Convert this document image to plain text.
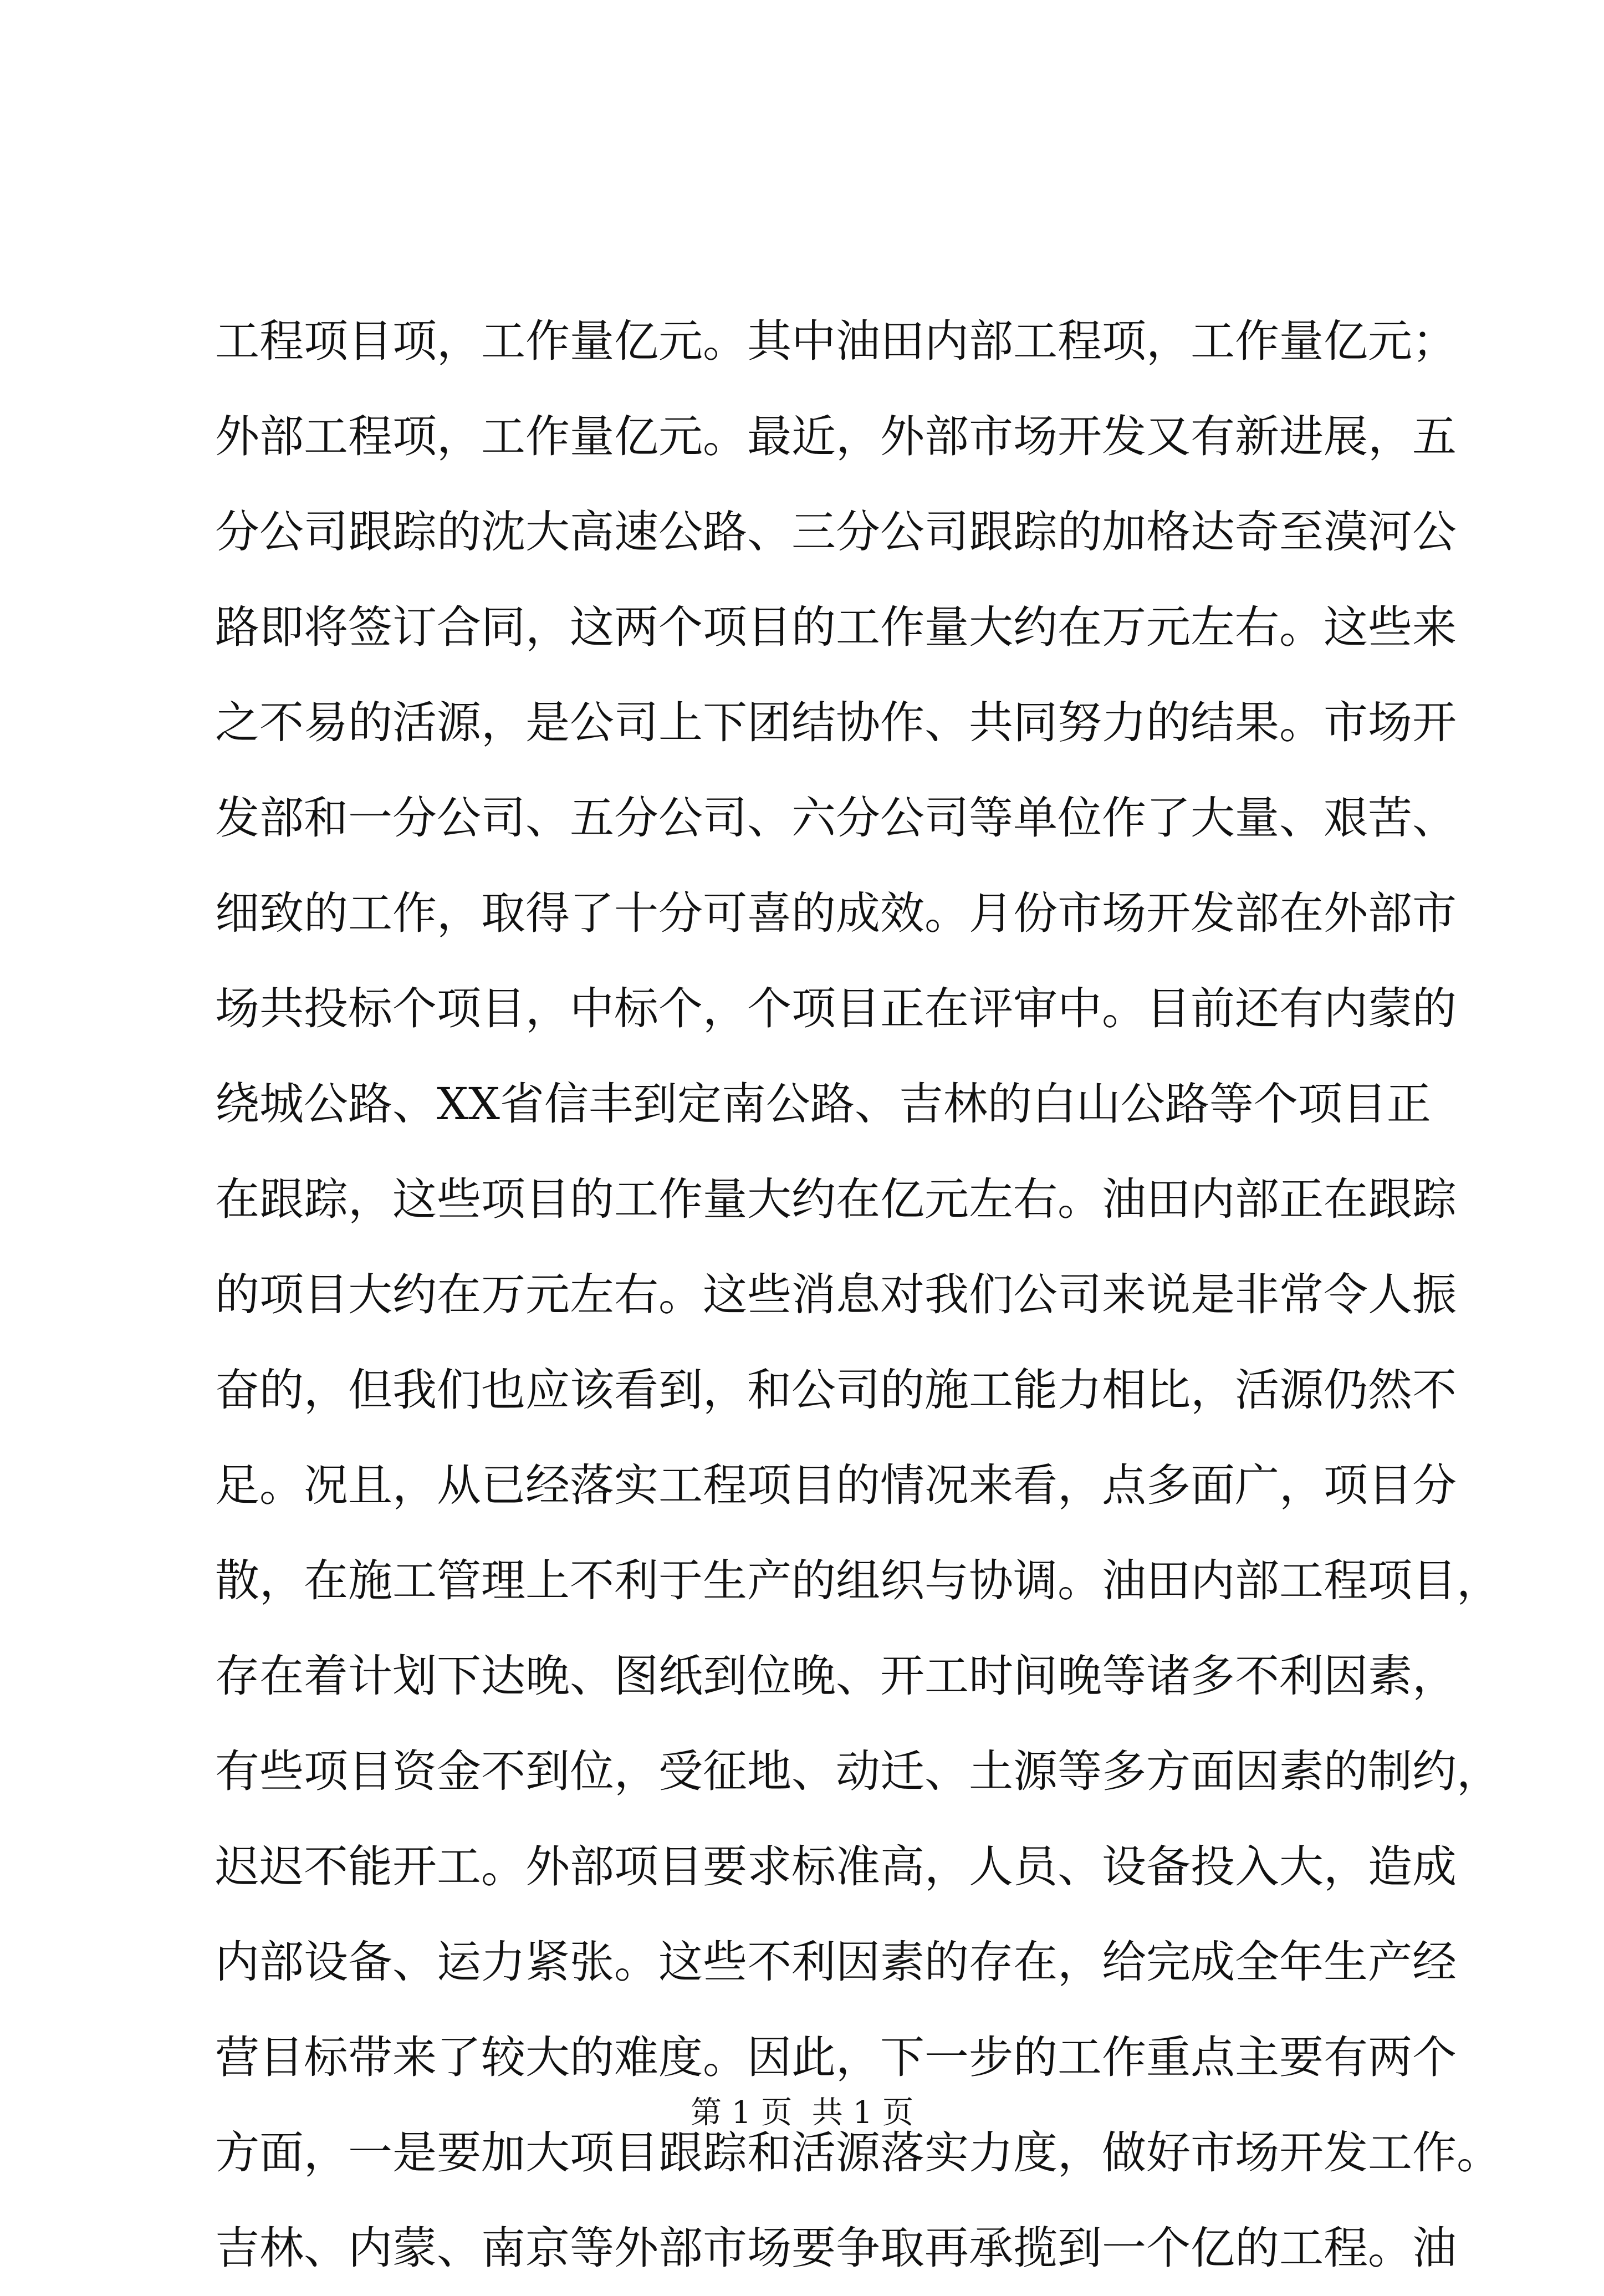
工程项目项，工作量亿元。其中油田内部工程项，工作量亿元；
外部工程项，工作量亿元。最近，外部市场开发又有新进展，五
分公司跟踪的沈大高速公路、三分公司跟踪的加格达奇至漠河公
路即将签订合同，这两个项目的工作量大约在万元左右。这些来
之不易的活源，是公司上下团结协作、共同努力的结果。市场开
发部和一分公司、五分公司、六分公司等单位作了大量、艰苦、
细致的工作，取得了十分可喜的成效。月份市场开发部在外部市
场共投标个项目，中标个，个项目正在评审中。目前还有内蒙的
绕城公路、XX省信丰到定南公路、吉林的白山公路等个项目正
在跟踪，这些项目的工作量大约在亿元左右。油田内部正在跟踪
的项目大约在万元左右。这些消息对我们公司来说是非常令人振
奋的，但我们也应该看到，和公司的施工能力相比，活源仍然不
足。况且，从已经落实工程项目的情况来看，点多面广，项目分
散，在施工管理上不利于生产的组织与协调。油田内部工程项目，
存在着计划下达晚、图纸到位晚、开工时间晚等诸多不利因素，
有些项目资金不到位，受征地、动迁、土源等多方面因素的制约，
迟迟不能开工。外部项目要求标准高，人员、设备投入大，造成
内部设备、运力紧张。这些不利因素的存在，给完成全年生产经
营目标带来了较大的难度。因此，下一步的工作重点主要有两个
方面，一是要加大项目跟踪和活源落实力度，做好市场开发工作。
吉林、内蒙、南京等外部市场要争取再承揽到一个亿的工程。油
第 1 页  共 1 页
